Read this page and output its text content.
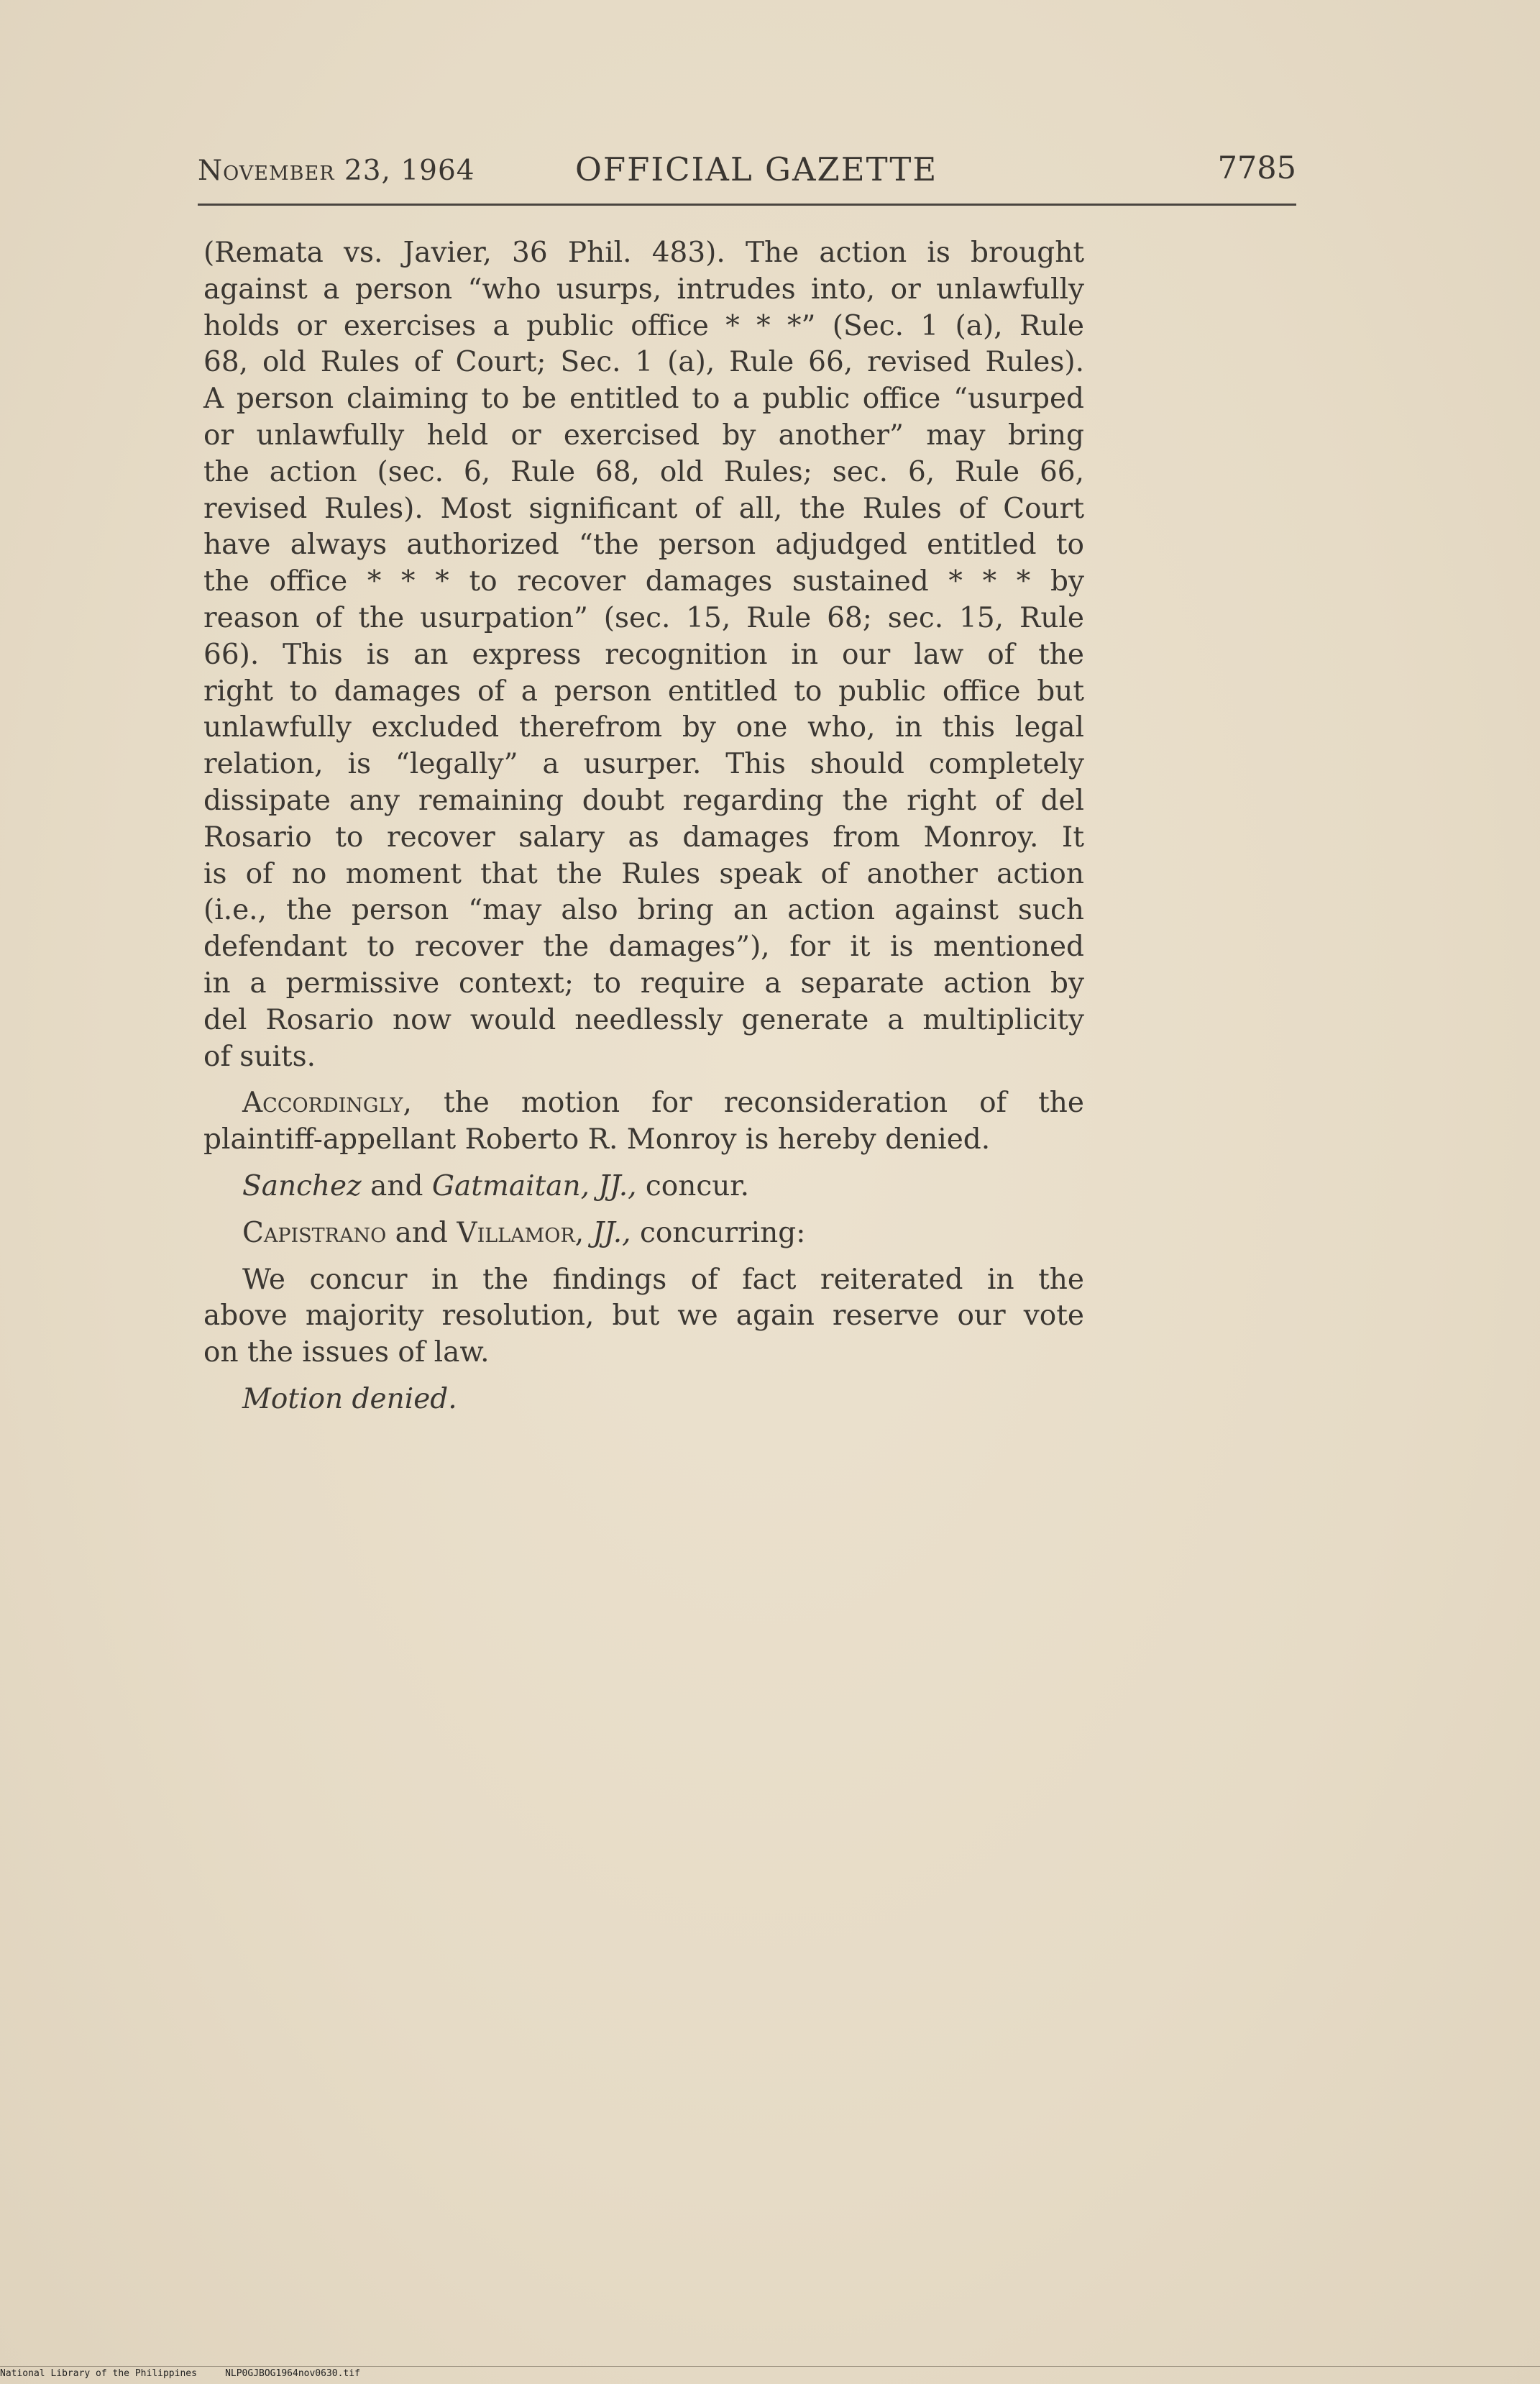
November 23, 1964	OFFICIAL GAZETTE	7785
(Remata vs. Javier, 36 Phil. 483). The action is brought
against a person “who usurps, intrudes into, or unlawfully
holds or exercises a public office * * *” (Sec. 1 (a), Rule
68, old Rules of Court; Sec. 1 (a), Rule 66, revised Rules).
A person claiming to be entitled to a public office “usurped
or unlawfully held or exercised by another” may bring
the action (sec. 6, Rule 68, old Rules; sec. 6, Rule 66,
revised Rules). Most significant of all, the Rules of Court
have always authorized “the person adjudged entitled to
the office * * * to recover damages sustained * * * by
reason of the usurpation” (sec. 15, Rule 68; sec. 15, Rule
66). This is an express recognition in our law of the
right to damages of a person entitled to public office but
unlawfully excluded therefrom by one who, in this legal
relation, is “legally” a usurper. This should completely
dissipate any remaining doubt regarding the right of del
Rosario to recover salary as damages from Monroy. It
is of no moment that the Rules speak of another action
(i.e., the person “may also bring an action against such
defendant to recover the damages”), for it is mentioned
in a permissive context; to require a separate action by
del Rosario now would needlessly generate a multiplicity
of suits.
Accordingly, the motion for reconsideration of the
plaintiff-appellant Roberto R. Monroy is hereby denied.
Sanchez and Gatmaitan, JJ., concur.
Capistrano and Villamor, JJ., concurring:
We concur in the findings of fact reiterated in the
above majority resolution, but we again reserve our vote
on the issues of law.
Motion denied.
National Library of the Philippines     NLP0GJBOG1964nov0630.tif
